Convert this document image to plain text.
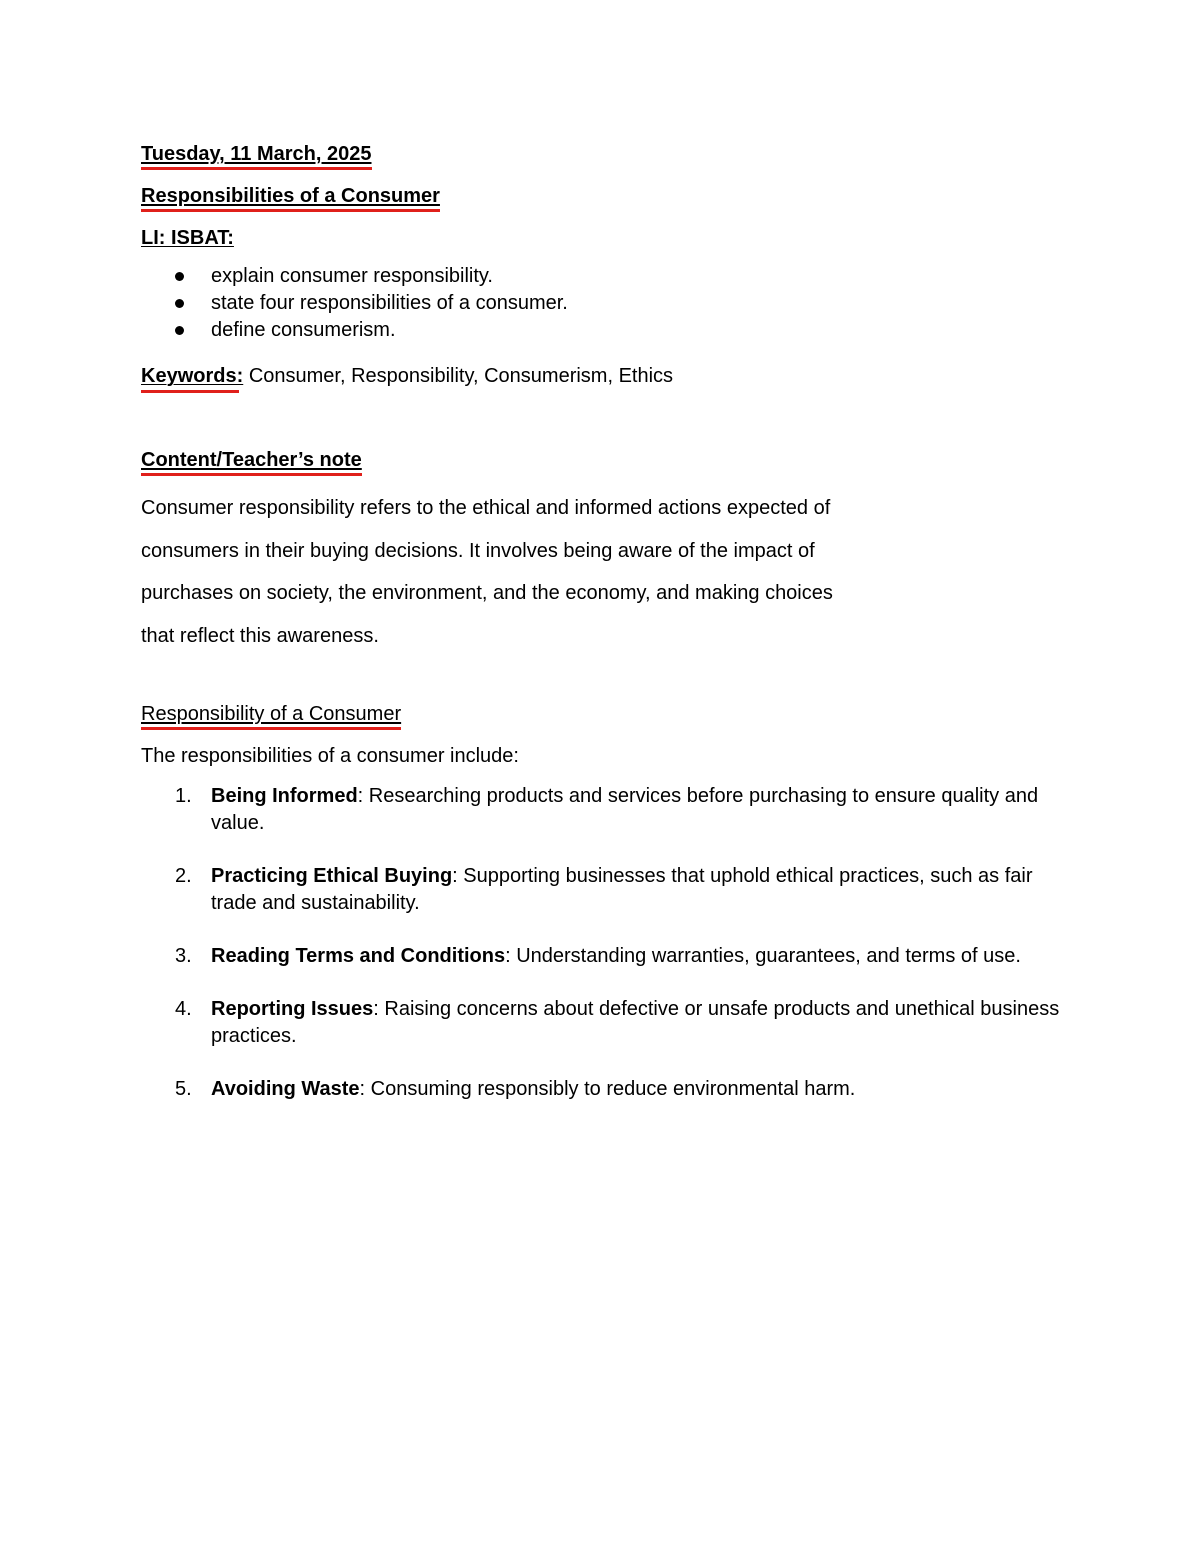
Tuesday, 11 March, 2025
Responsibilities of a Consumer
LI: ISBAT:
explain consumer responsibility.
state four responsibilities of a consumer.
define consumerism.
Keywords: Consumer, Responsibility, Consumerism, Ethics
Content/Teacher’s note
Consumer responsibility refers to the ethical and informed actions expected of
consumers in their buying decisions. It involves being aware of the impact of
purchases on society, the environment, and the economy, and making choices
that reflect this awareness.
Responsibility of a Consumer
The responsibilities of a consumer include:
1. Being Informed: Researching products and services before purchasing to ensure quality and value.
2. Practicing Ethical Buying: Supporting businesses that uphold ethical practices, such as fair trade and sustainability.
3. Reading Terms and Conditions: Understanding warranties, guarantees, and terms of use.
4. Reporting Issues: Raising concerns about defective or unsafe products and unethical business practices.
5. Avoiding Waste: Consuming responsibly to reduce environmental harm.
